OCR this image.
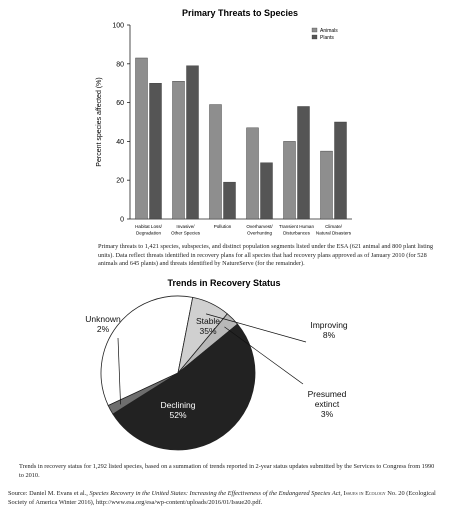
Primary Threats to Species
0
20
40
60
80
100
Percent species affected (%)
Habitat Loss/
Degradation
Invasive/
Other Species
Pollution	Overharvest/
Overhunting
Transient Human
Disturbances
Climate/
Natural Disasters
Animals
Plants
Primary threats to 1,421 species, subspecies, and distinct population segments listed under the ESA (621 animal and 800 plant listing units). Data reflect threats identified in recovery plans for all species that had recovery plans approved as of January 2010 (for 528 animals and 645 plants) and threats identified by NatureServe (for the remainder).
Trends in Recovery Status
Stable
35%
Declining
52%
Improving
8%
Presumed
extinct
3%
Unknown
2%
Trends in recovery status for 1,292 listed species, based on a summation of trends reported in 2-year status updates submitted by the Services to Congress from 1990 to 2010.
Source: Daniel M. Evans et al., Species Recovery in the United States: Increasing the Effectiveness of the Endangered Species Act, Issues in Ecology No. 20 (Ecological Society of America Winter 2016), http://www.esa.org/esa/wp-content/uploads/2016/01/Issue20.pdf.
